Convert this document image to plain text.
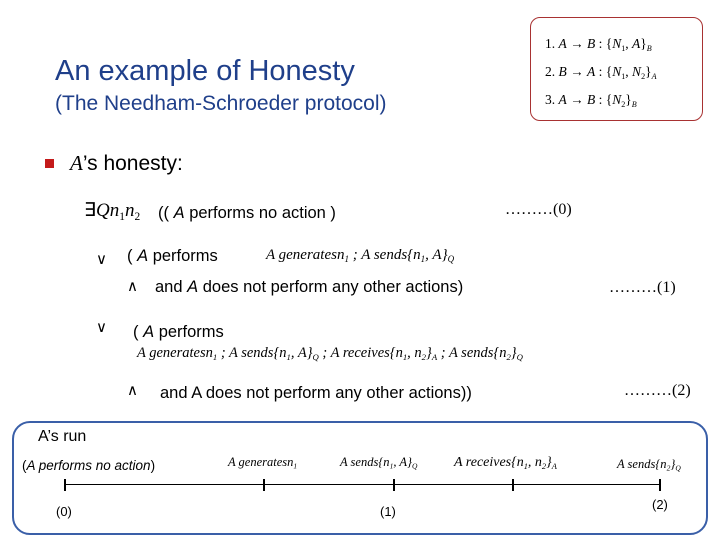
An example of Honesty
(The Needham-Schroeder protocol)
1. A → B : {$N_1$, $A\}_B$
2. B → A : {$N_1$, $N_2\}_A$
3. A → B : $\{N_2\}_B$
A’s honesty:
$\exists Qn_1n_2$ (( A performs no action )	………(0)
∨ ( A performs	A generatesn$_1$ ; A $sends\{n_1$, $A\}_Q$
∧ and A does not perform any other actions)	………(1)
∨ ( A performs
A generatesn$_1$ ; A $sends\{n_1$, $A\}_Q$ ; A $receives\{n_1$, $n_2\}_A$ ; A $sends\{n_2\}_Q$
∧ and A does not perform any other actions))	………(2)
A’s run
(A performs no action)	A generatesn$_1$	A $sends\{n_1$, $A\}_Q$	A $receives\{n_1$, $n_2\}_A$	A $sends\{n_2\}_Q$
(0)	(1)	(2)
